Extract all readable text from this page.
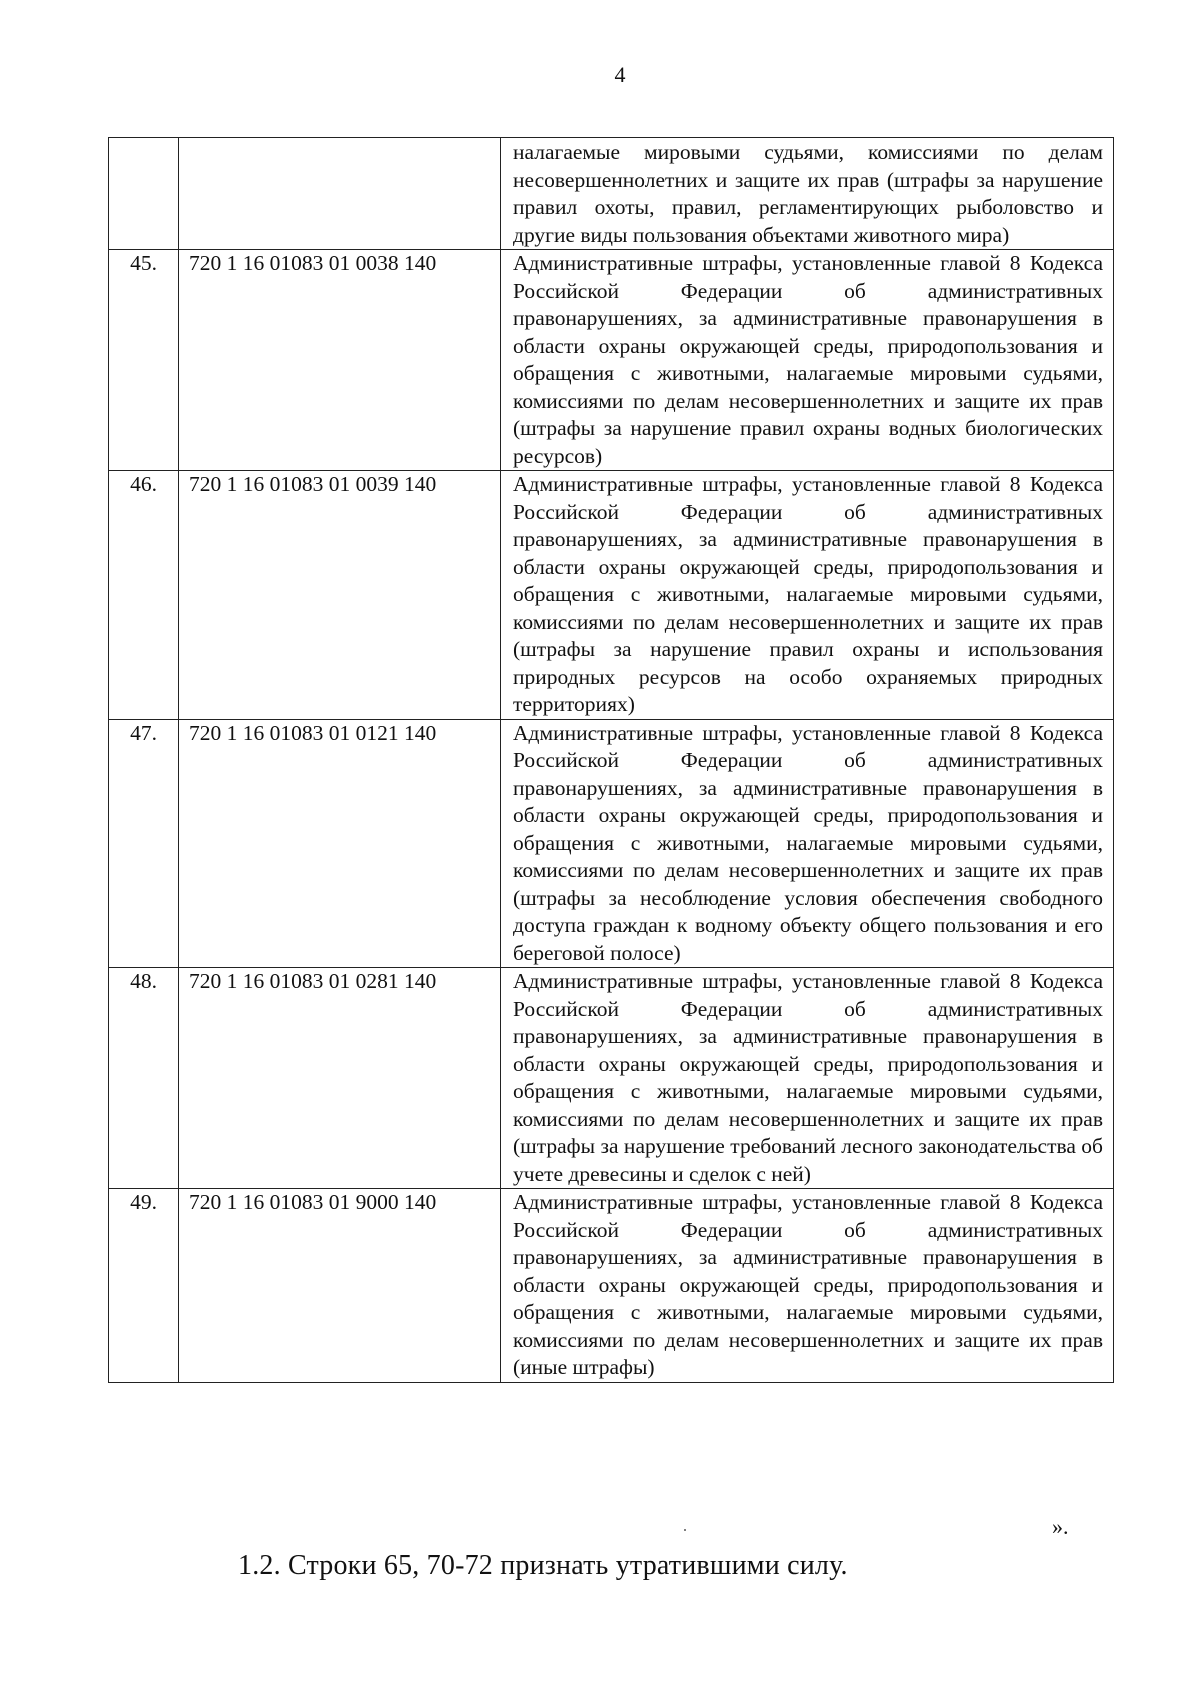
4
		налагаемые мировыми судьями, комиссиями по делам несовершеннолетних и защите их прав (штрафы за нарушение правил охоты, правил, регламентирующих рыболовство и другие виды пользования объектами животного мира)
45.	720 1 16 01083 01 0038 140	Административные штрафы, установленные главой 8 Кодекса Российской Федерации об административных правонарушениях, за административные правонарушения в области охраны окружающей среды, природопользования и обращения с животными, налагаемые мировыми судьями, комиссиями по делам несовершеннолетних и защите их прав (штрафы за нарушение правил охраны водных биологических ресурсов)
46.	720 1 16 01083 01 0039 140	Административные штрафы, установленные главой 8 Кодекса Российской Федерации об административных правонарушениях, за административные правонарушения в области охраны окружающей среды, природопользования и обращения с животными, налагаемые мировыми судьями, комиссиями по делам несовершеннолетних и защите их прав (штрафы за нарушение правил охраны и использования природных ресурсов на особо охраняемых природных территориях)
47.	720 1 16 01083 01 0121 140	Административные штрафы, установленные главой 8 Кодекса Российской Федерации об административных правонарушениях, за административные правонарушения в области охраны окружающей среды, природопользования и обращения с животными, налагаемые мировыми судьями, комиссиями по делам несовершеннолетних и защите их прав (штрафы за несоблюдение условия обеспечения свободного доступа граждан к водному объекту общего пользования и его береговой полосе)
48.	720 1 16 01083 01 0281 140	Административные штрафы, установленные главой 8 Кодекса Российской Федерации об административных правонарушениях, за административные правонарушения в области охраны окружающей среды, природопользования и обращения с животными, налагаемые мировыми судьями, комиссиями по делам несовершеннолетних и защите их прав (штрафы за нарушение требований лесного законодательства об учете древесины и сделок с ней)
49.	720 1 16 01083 01 9000 140	Административные штрафы, установленные главой 8 Кодекса Российской Федерации об административных правонарушениях, за административные правонарушения в области охраны окружающей среды, природопользования и обращения с животными, налагаемые мировыми судьями, комиссиями по делам несовершеннолетних и защите их прав (иные штрафы)
».
1.2. Строки 65, 70-72 признать утратившими силу.
